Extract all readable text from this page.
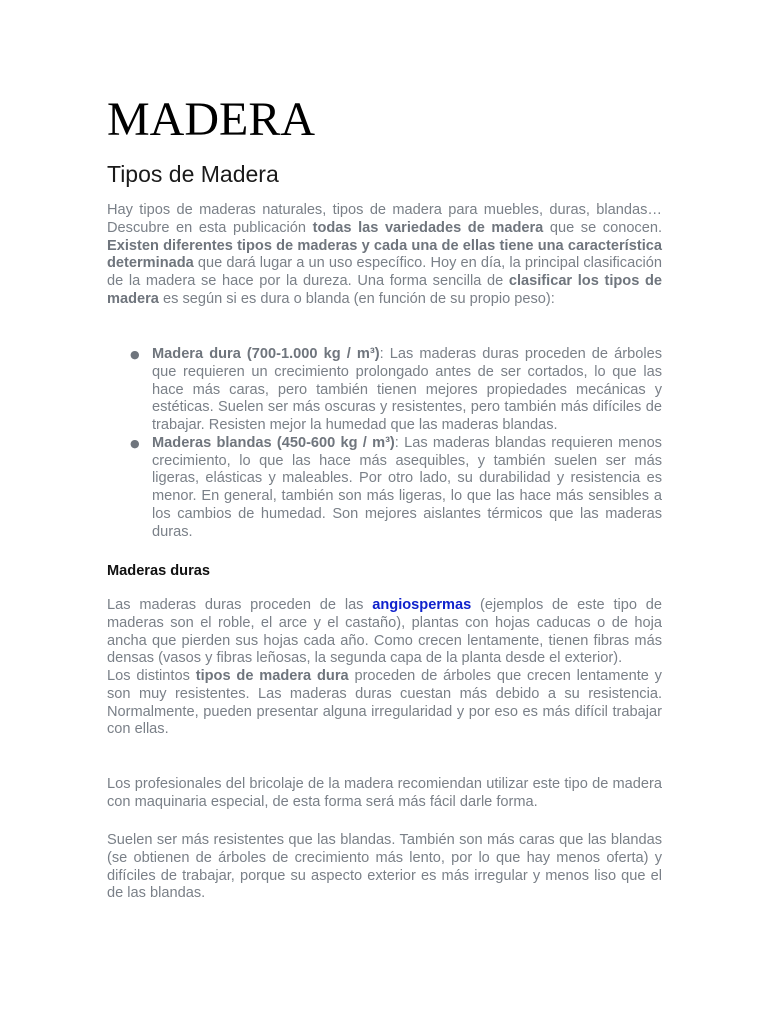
MADERA
Tipos de Madera

Hay tipos de maderas naturales, tipos de madera para muebles, duras, blandas… Descubre en esta publicación todas las variedades de madera que se conocen. Existen diferentes tipos de maderas y cada una de ellas tiene una característica determinada que dará lugar a un uso específico. Hoy en día, la principal clasificación de la madera se hace por la dureza. Una forma sencilla de clasificar los tipos de madera es según si es dura o blanda (en función de su propio peso):

● Madera dura (700-1.000 kg / m³): Las maderas duras proceden de árboles que requieren un crecimiento prolongado antes de ser cortados, lo que las hace más caras, pero también tienen mejores propiedades mecánicas y estéticas. Suelen ser más oscuras y resistentes, pero también más difíciles de trabajar. Resisten mejor la humedad que las maderas blandas.
● Maderas blandas (450-600 kg / m³): Las maderas blandas requieren menos crecimiento, lo que las hace más asequibles, y también suelen ser más ligeras, elásticas y maleables. Por otro lado, su durabilidad y resistencia es menor. En general, también son más ligeras, lo que las hace más sensibles a los cambios de humedad. Son mejores aislantes térmicos que las maderas duras.
Maderas duras

Las maderas duras proceden de las angiospermas (ejemplos de este tipo de maderas son el roble, el arce y el castaño), plantas con hojas caducas o de hoja ancha que pierden sus hojas cada año. Como crecen lentamente, tienen fibras más densas (vasos y fibras leñosas, la segunda capa de la planta desde el exterior).
Los distintos tipos de madera dura proceden de árboles que crecen lentamente y son muy resistentes. Las maderas duras cuestan más debido a su resistencia. Normalmente, pueden presentar alguna irregularidad y por eso es más difícil trabajar con ellas.

Los profesionales del bricolaje de la madera recomiendan utilizar este tipo de madera con maquinaria especial, de esta forma será más fácil darle forma.

Suelen ser más resistentes que las blandas. También son más caras que las blandas (se obtienen de árboles de crecimiento más lento, por lo que hay menos oferta) y difíciles de trabajar, porque su aspecto exterior es más irregular y menos liso que el de las blandas.
